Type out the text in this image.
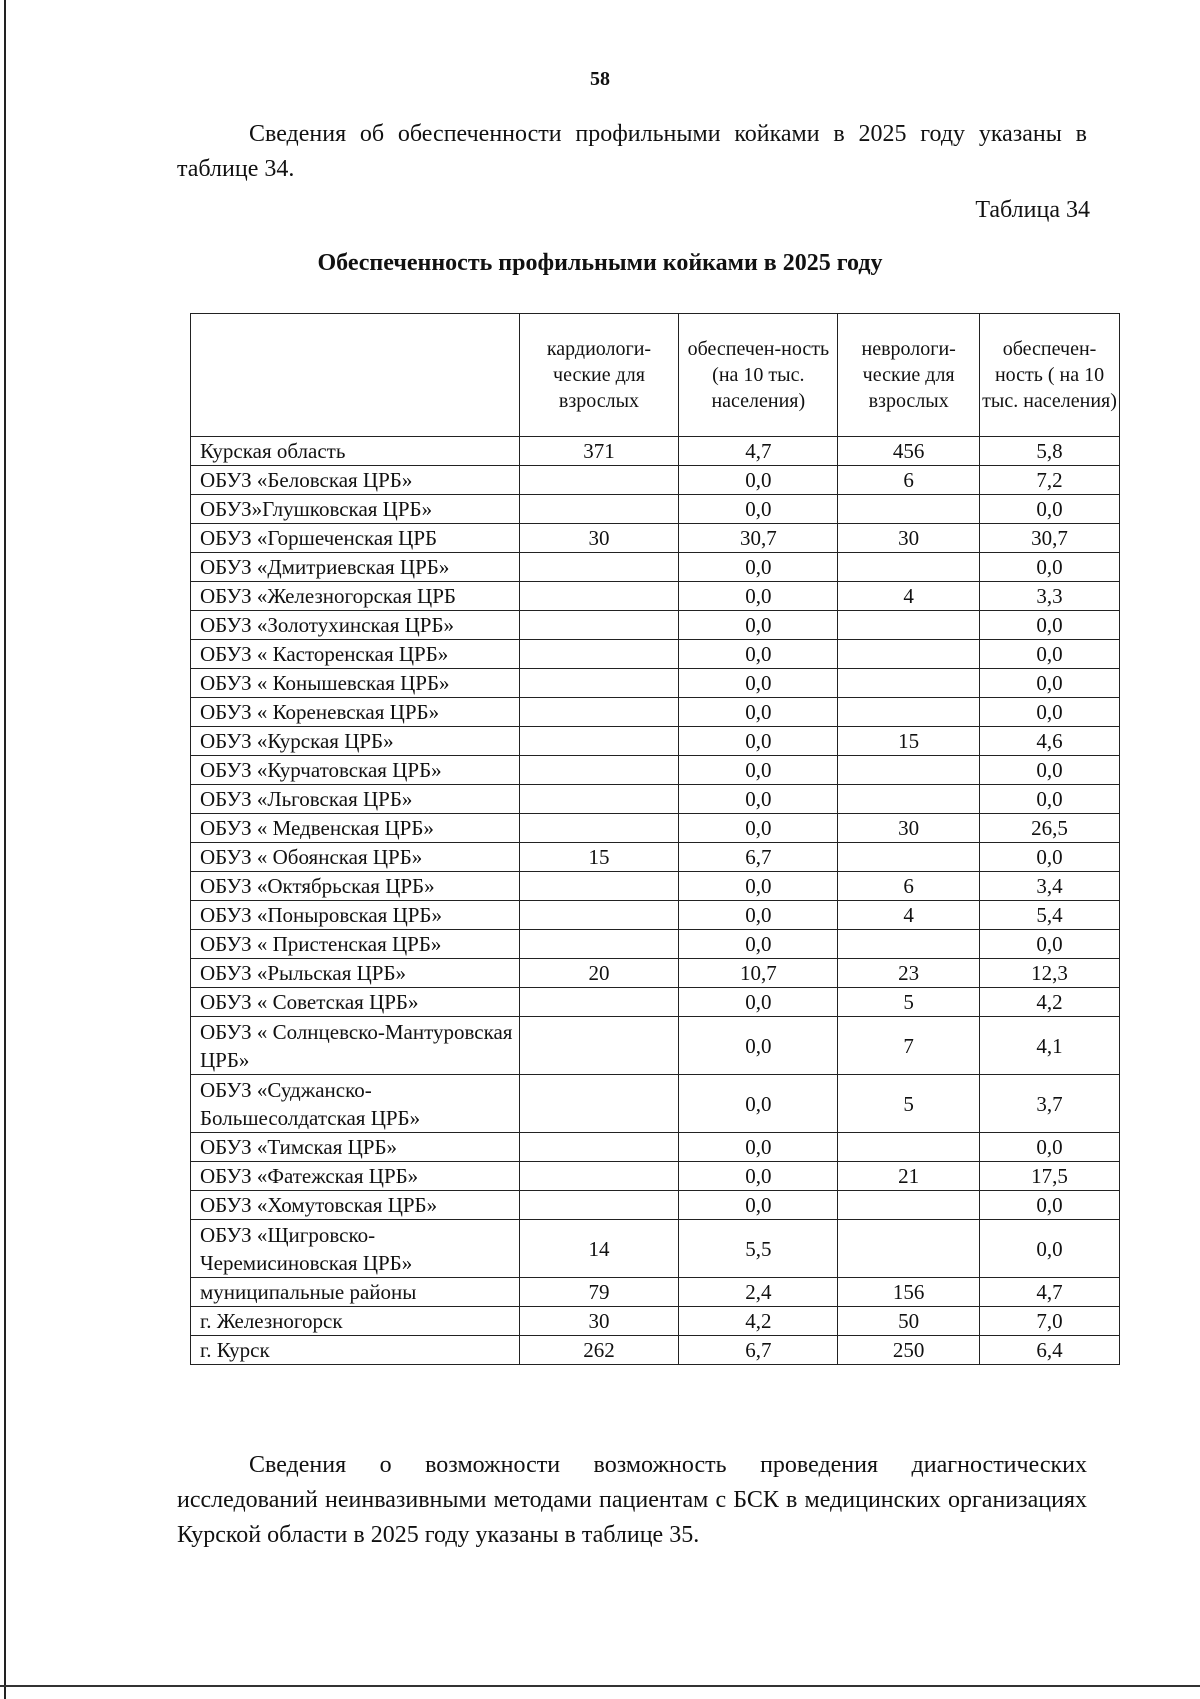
58

Сведения об обеспеченности профильными койками в 2025 году указаны в таблице 34.

Таблица 34
Обеспеченность профильными койками в 2025 году
	кардиологи-ческие для взрослых	обеспечен-ность (на 10 тыс. населения)	неврологи-ческие для взрослых	обеспечен-ность ( на 10 тыс. населения)
Курская область	371	4,7	456	5,8
ОБУЗ «Беловская ЦРБ»		0,0	6	7,2
ОБУЗ»Глушковская ЦРБ»		0,0		0,0
ОБУЗ «Горшеченская ЦРБ	30	30,7	30	30,7
ОБУЗ «Дмитриевская ЦРБ»		0,0		0,0
ОБУЗ «Железногорская ЦРБ		0,0	4	3,3
ОБУЗ «Золотухинская ЦРБ»		0,0		0,0
ОБУЗ « Касторенская ЦРБ»		0,0		0,0
ОБУЗ « Конышевская ЦРБ»		0,0		0,0
ОБУЗ « Кореневская ЦРБ»		0,0		0,0
ОБУЗ «Курская ЦРБ»		0,0	15	4,6
ОБУЗ «Курчатовская ЦРБ»		0,0		0,0
ОБУЗ «Льговская ЦРБ»		0,0		0,0
ОБУЗ « Медвенская ЦРБ»		0,0	30	26,5
ОБУЗ « Обоянская ЦРБ»	15	6,7		0,0
ОБУЗ «Октябрьская ЦРБ»		0,0	6	3,4
ОБУЗ «Поныровская ЦРБ»		0,0	4	5,4
ОБУЗ « Пристенская ЦРБ»		0,0		0,0
ОБУЗ «Рыльская ЦРБ»	20	10,7	23	12,3
ОБУЗ « Советская ЦРБ»		0,0	5	4,2
ОБУЗ « Солнцевско-Мантуровская ЦРБ»		0,0	7	4,1
ОБУЗ «Суджанско-Большесолдатская ЦРБ»		0,0	5	3,7
ОБУЗ «Тимская ЦРБ»		0,0		0,0
ОБУЗ «Фатежская ЦРБ»		0,0	21	17,5
ОБУЗ «Хомутовская ЦРБ»		0,0		0,0
ОБУЗ «Щигровско-Черемисиновская ЦРБ»	14	5,5		0,0
муниципальные районы	79	2,4	156	4,7
г. Железногорск	30	4,2	50	7,0
г. Курск	262	6,7	250	6,4

Сведения о возможности возможность проведения диагностических исследований неинвазивными методами пациентам с БСК в медицинских организациях Курской области в 2025 году указаны в таблице 35.
